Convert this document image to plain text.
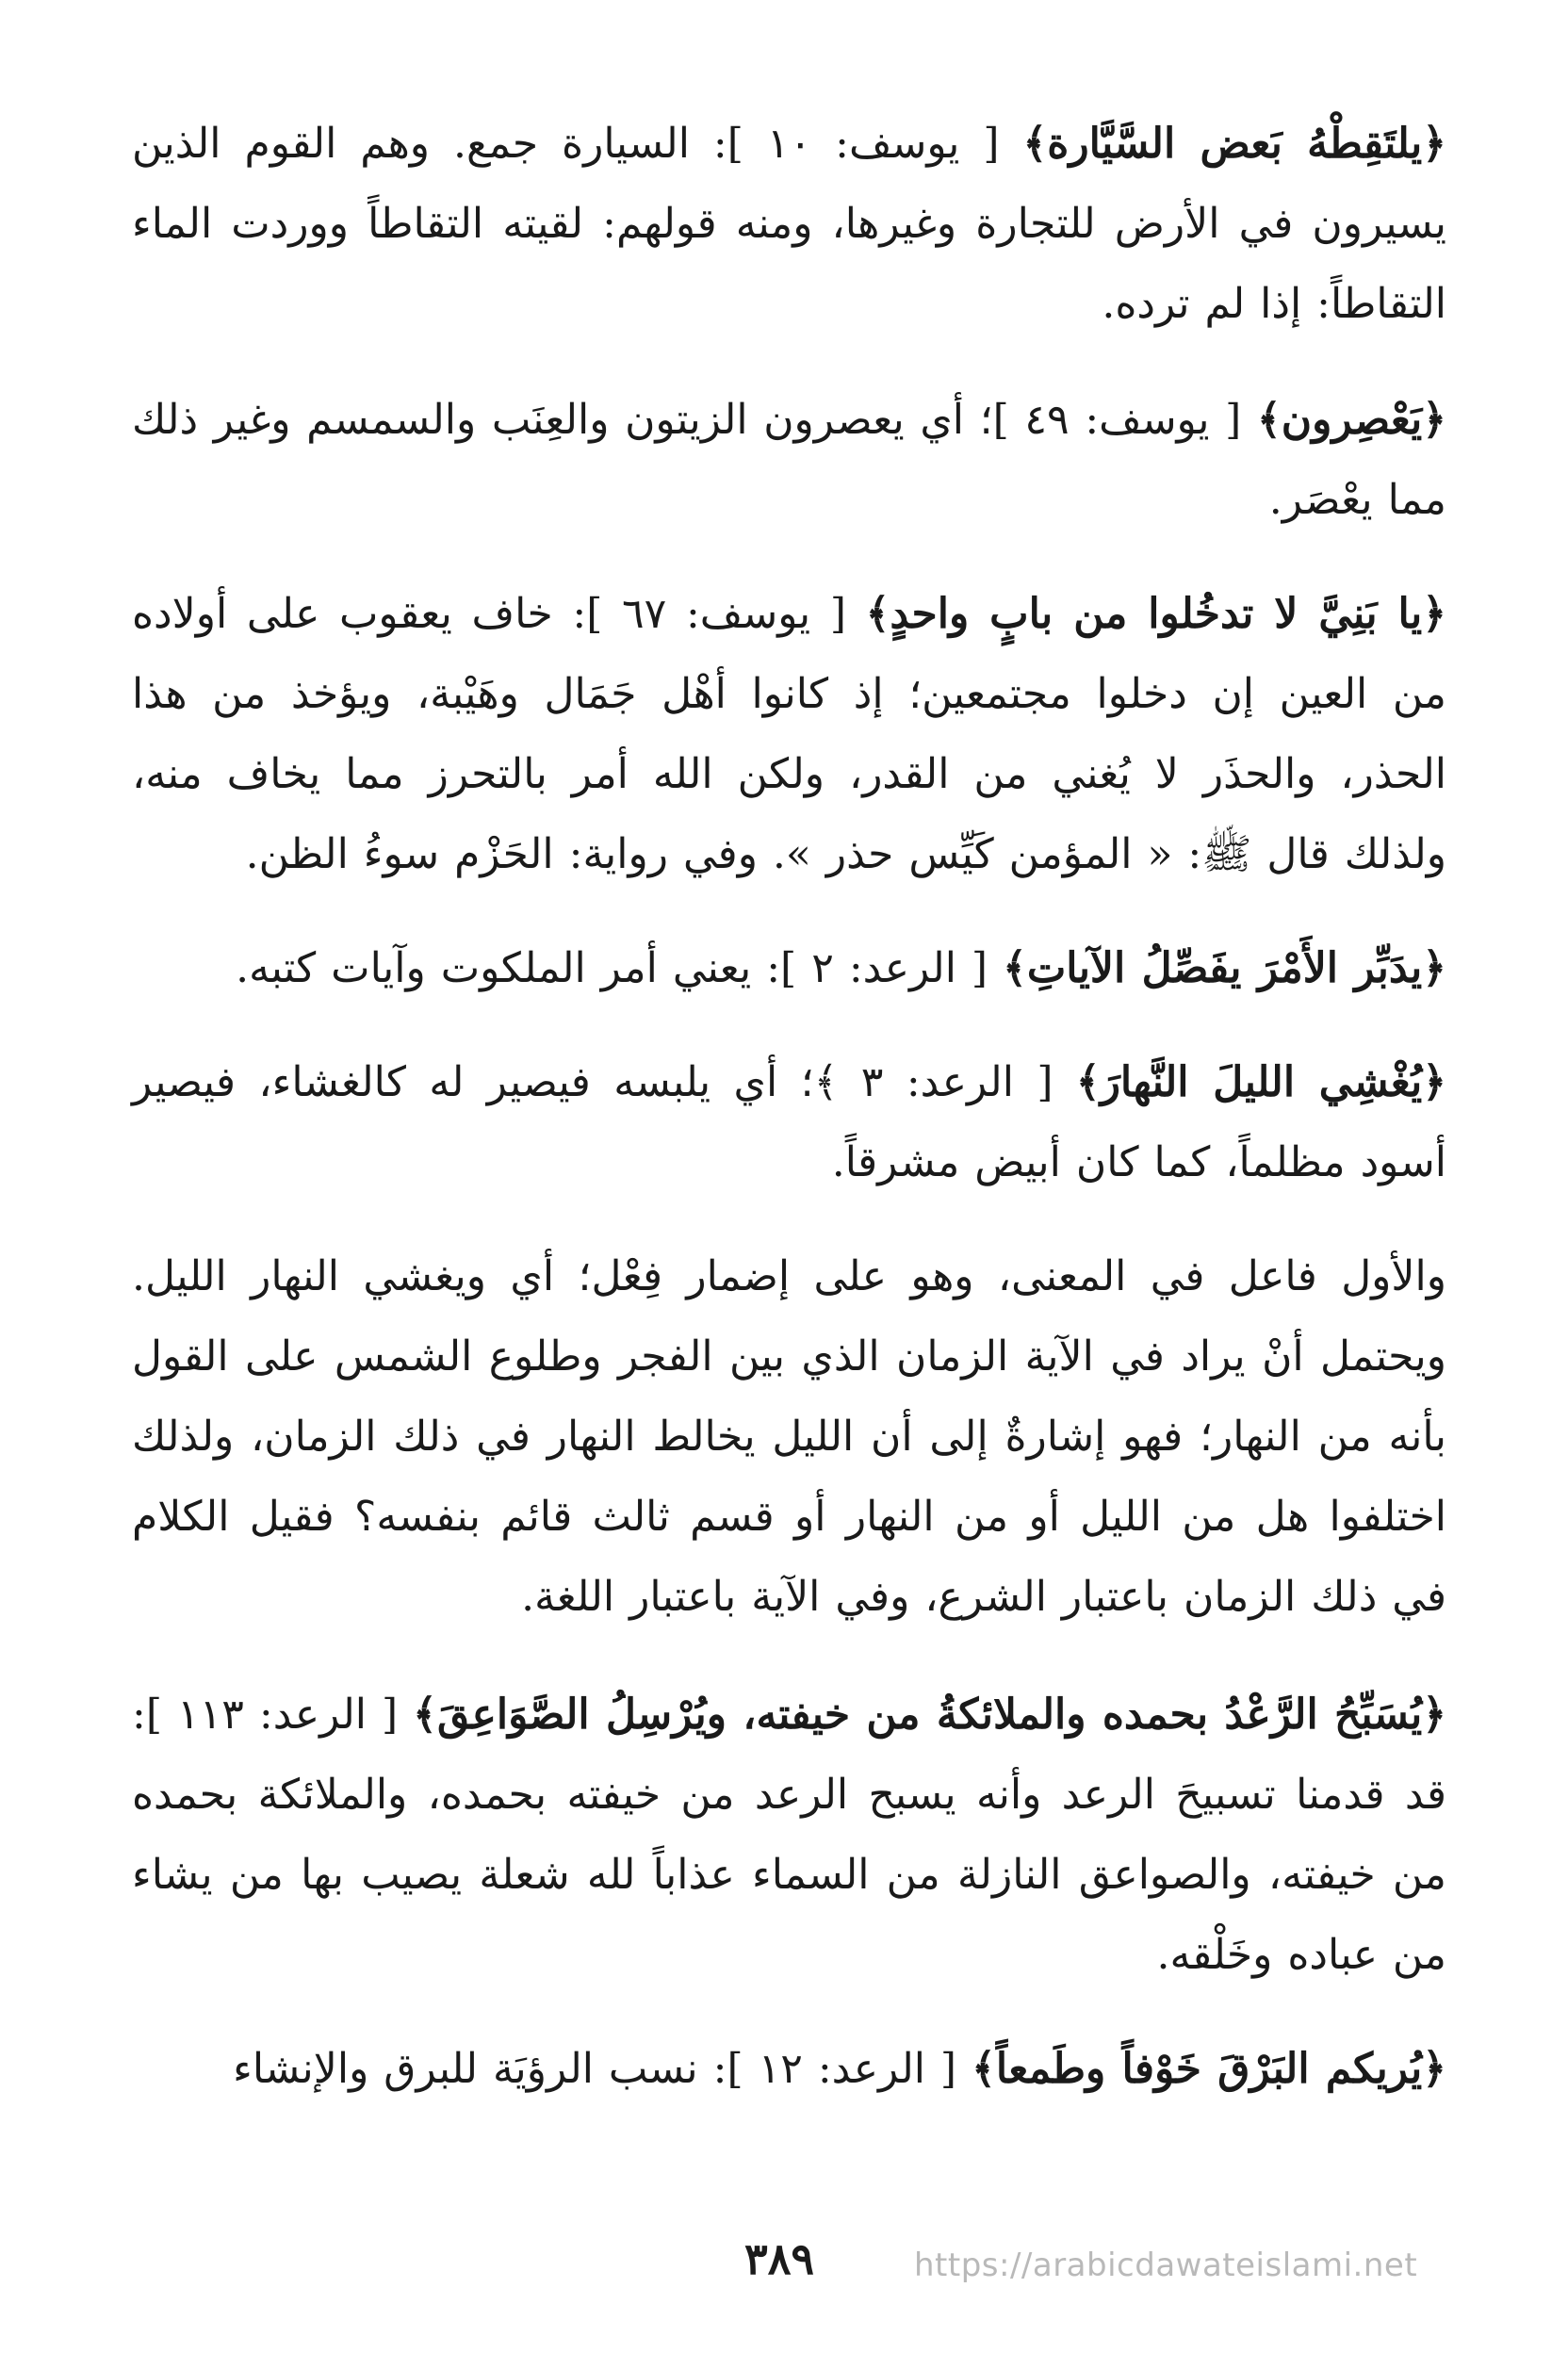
﴿يلتَقِطْهُ بَعض السَّيَّارة﴾ [ يوسف: ١٠ ]: السيارة جمع. وهم القوم الذين يسيرون في الأرض للتجارة وغيرها، ومنه قولهم: لقيته التقاطاً ووردت الماء التقاطاً: إذا لم ترده.

﴿يَعْصِرون﴾ [ يوسف: ٤٩ ]؛ أي يعصرون الزيتون والعِنَب والسمسم وغير ذلك مما يعْصَر.

﴿يا بَنِيَّ لا تدخُلوا من بابٍ واحدٍ﴾ [ يوسف: ٦٧ ]: خاف يعقوب على أولاده من العين إن دخلوا مجتمعين؛ إذ كانوا أهْل جَمَال وهَيْبة، ويؤخذ من هذا الحذر، والحذَر لا يُغني من القدر، ولكن الله أمر بالتحرز مما يخاف منه، ولذلك قال ﷺ: « المؤمن كَيِّس حذر ». وفي رواية: الحَزْم سوءُ الظن.

﴿يدَبِّر الأَمْرَ يفَصِّلُ الآياتِ﴾ [ الرعد: ٢ ]: يعني أمر الملكوت وآيات كتبه.

﴿يُغْشِي الليلَ النَّهارَ﴾ [ الرعد: ٣ ﴾؛ أي يلبسه فيصير له كالغشاء، فيصير أسود مظلماً، كما كان أبيض مشرقاً.

والأول فاعل في المعنى، وهو على إضمار فِعْل؛ أي ويغشي النهار الليل. ويحتمل أنْ يراد في الآية الزمان الذي بين الفجر وطلوع الشمس على القول بأنه من النهار؛ فهو إشارةٌ إلى أن الليل يخالط النهار في ذلك الزمان، ولذلك اختلفوا هل من الليل أو من النهار أو قسم ثالث قائم بنفسه؟ فقيل الكلام في ذلك الزمان باعتبار الشرع، وفي الآية باعتبار اللغة.

﴿يُسَبِّحُ الرَّعْدُ بحمده والملائكةُ من خيفته، ويُرْسِلُ الصَّوَاعِقَ﴾ [ الرعد: ١١٣ ]: قد قدمنا تسبيحَ الرعد وأنه يسبح الرعد من خيفته بحمده، والملائكة بحمده من خيفته، والصواعق النازلة من السماء عذاباً لله شعلة يصيب بها من يشاء من عباده وخَلْقه.

﴿يُريكم البَرْقَ خَوْفاً وطَمعاً﴾ [ الرعد: ١٢ ]: نسب الرؤيَة للبرق والإنشاء

٣٨٩	https://arabicdawateislami.net
